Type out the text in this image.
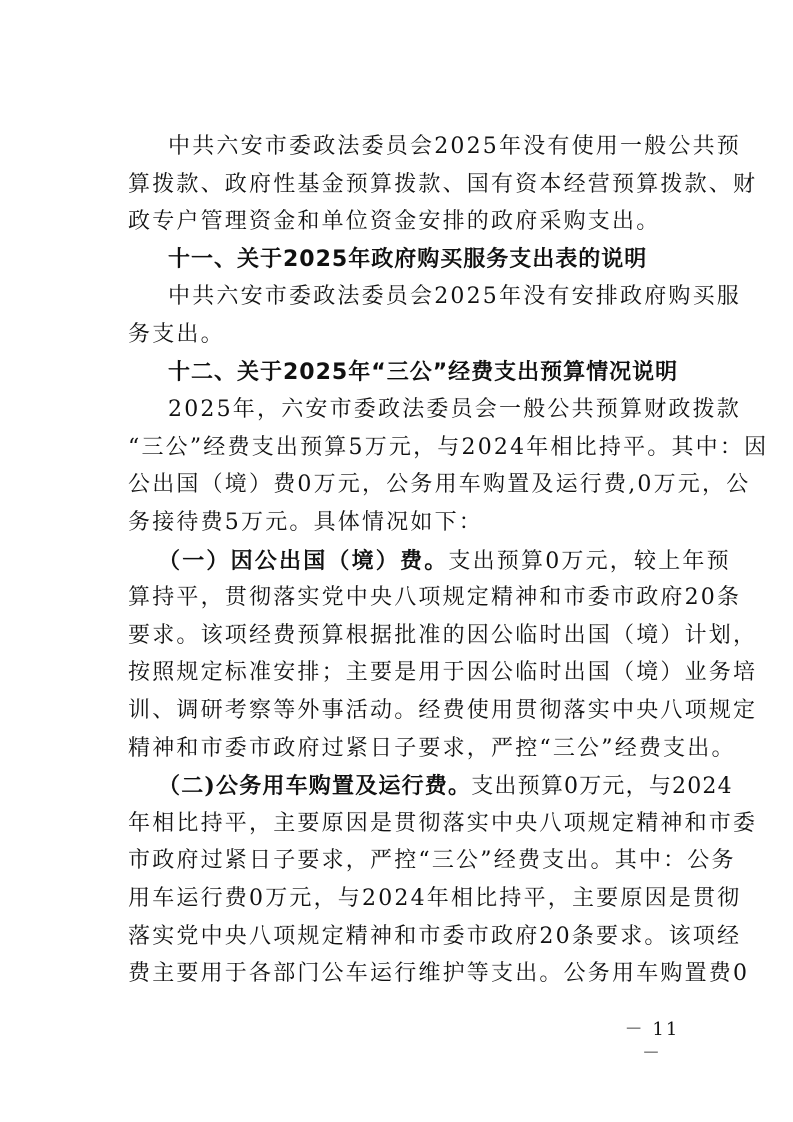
中共六安市委政法委员会2025年没有使用一般公共预
算拨款、政府性基金预算拨款、国有资本经营预算拨款、财
政专户管理资金和单位资金安排的政府采购支出。
十一、关于2025年政府购买服务支出表的说明
中共六安市委政法委员会2025年没有安排政府购买服
务支出。
十二、关于2025年“三公”经费支出预算情况说明
2025年，六安市委政法委员会一般公共预算财政拨款
“三公”经费支出预算5万元，与2024年相比持平。其中：因
公出国（境）费0万元，公务用车购置及运行费,0万元，公
务接待费5万元。具体情况如下：
（一）因公出国（境）费。支出预算0万元，较上年预
算持平，贯彻落实党中央八项规定精神和市委市政府20条
要求。该项经费预算根据批准的因公临时出国（境）计划，
按照规定标准安排；主要是用于因公临时出国（境）业务培
训、调研考察等外事活动。经费使用贯彻落实中央八项规定
精神和市委市政府过紧日子要求，严控“三公”经费支出。
（二)公务用车购置及运行费。支出预算0万元，与2024
年相比持平，主要原因是贯彻落实中央八项规定精神和市委
市政府过紧日子要求，严控“三公”经费支出。其中：公务
用车运行费0万元，与2024年相比持平，主要原因是贯彻
落实党中央八项规定精神和市委市政府20条要求。该项经
费主要用于各部门公车运行维护等支出。公务用车购置费0
－ 11 －
